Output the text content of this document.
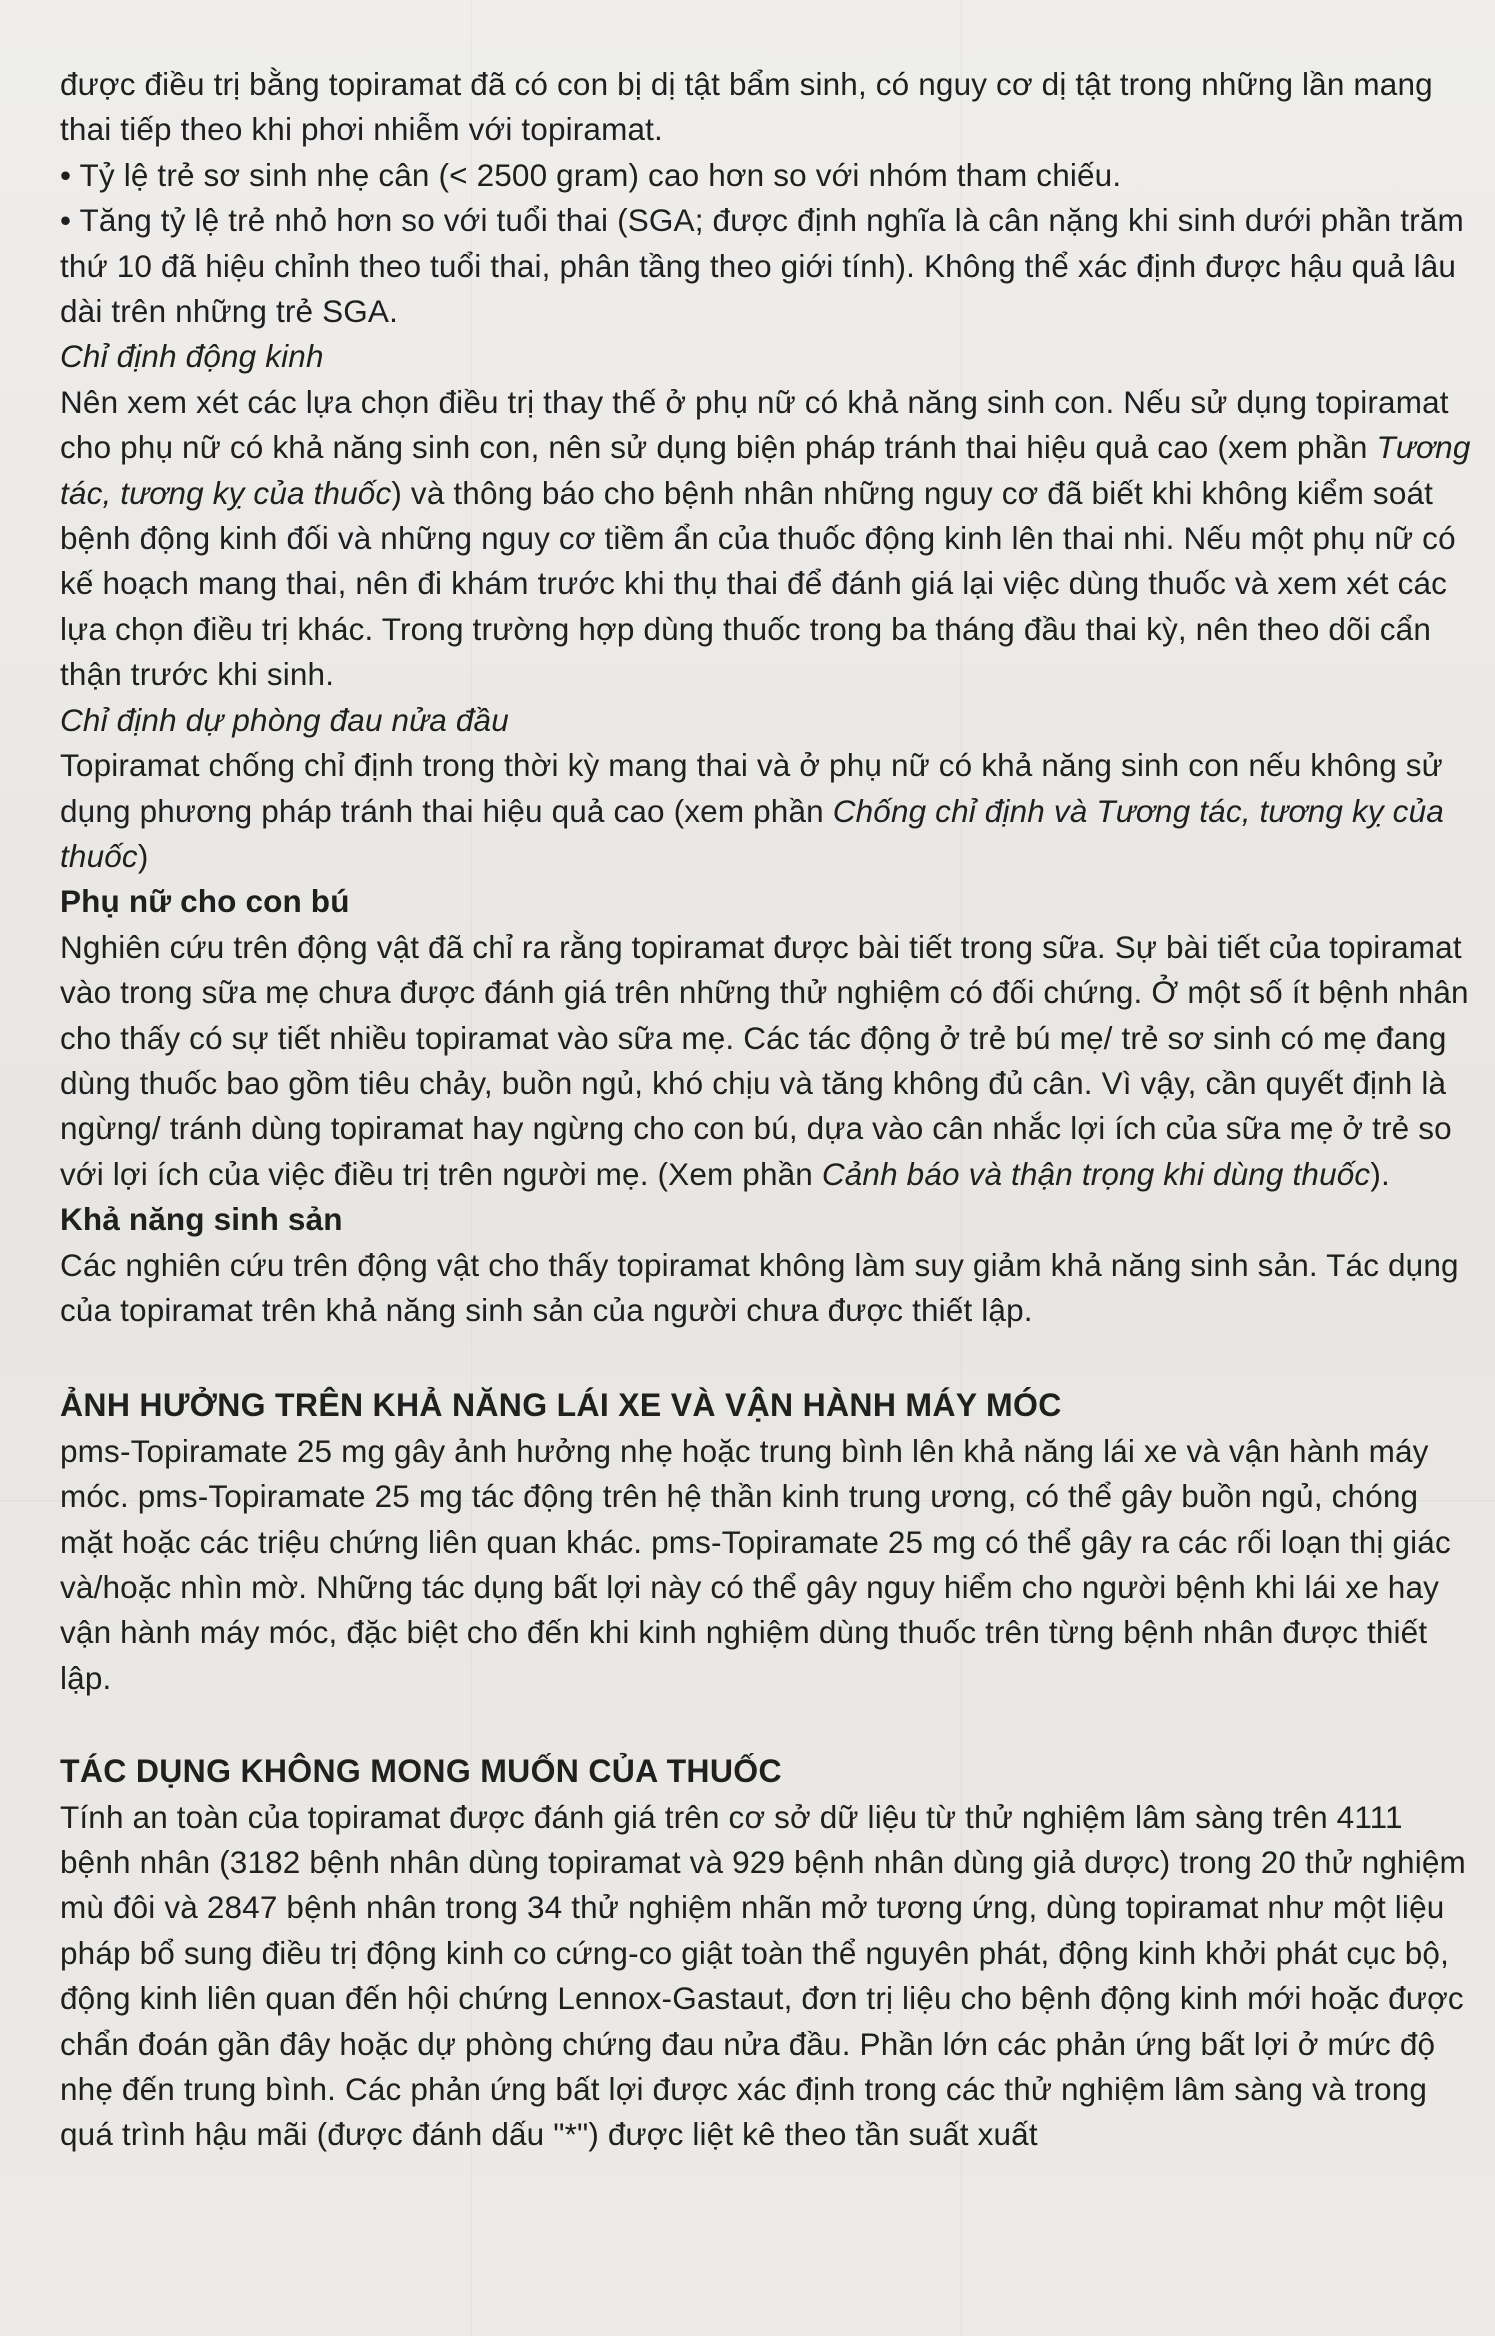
được điều trị bằng topiramat đã có con bị dị tật bẩm sinh, có nguy cơ dị tật trong những lần mang thai tiếp theo khi phơi nhiễm với topiramat.

• Tỷ lệ trẻ sơ sinh nhẹ cân (< 2500 gram) cao hơn so với nhóm tham chiếu.

• Tăng tỷ lệ trẻ nhỏ hơn so với tuổi thai (SGA; được định nghĩa là cân nặng khi sinh dưới phần trăm thứ 10 đã hiệu chỉnh theo tuổi thai, phân tầng theo giới tính). Không thể xác định được hậu quả lâu dài trên những trẻ SGA.

Chỉ định động kinh

Nên xem xét các lựa chọn điều trị thay thế ở phụ nữ có khả năng sinh con. Nếu sử dụng topiramat cho phụ nữ có khả năng sinh con, nên sử dụng biện pháp tránh thai hiệu quả cao (xem phần Tương tác, tương kỵ của thuốc) và thông báo cho bệnh nhân những nguy cơ đã biết khi không kiểm soát bệnh động kinh đối và những nguy cơ tiềm ẩn của thuốc động kinh lên thai nhi. Nếu một phụ nữ có kế hoạch mang thai, nên đi khám trước khi thụ thai để đánh giá lại việc dùng thuốc và xem xét các lựa chọn điều trị khác. Trong trường hợp dùng thuốc trong ba tháng đầu thai kỳ, nên theo dõi cẩn thận trước khi sinh.

Chỉ định dự phòng đau nửa đầu

Topiramat chống chỉ định trong thời kỳ mang thai và ở phụ nữ có khả năng sinh con nếu không sử dụng phương pháp tránh thai hiệu quả cao (xem phần Chống chỉ định và Tương tác, tương kỵ của thuốc)

Phụ nữ cho con bú

Nghiên cứu trên động vật đã chỉ ra rằng topiramat được bài tiết trong sữa. Sự bài tiết của topiramat vào trong sữa mẹ chưa được đánh giá trên những thử nghiệm có đối chứng. Ở một số ít bệnh nhân cho thấy có sự tiết nhiều topiramat vào sữa mẹ. Các tác động ở trẻ bú mẹ/ trẻ sơ sinh có mẹ đang dùng thuốc bao gồm tiêu chảy, buồn ngủ, khó chịu và tăng không đủ cân. Vì vậy, cần quyết định là ngừng/ tránh dùng topiramat hay ngừng cho con bú, dựa vào cân nhắc lợi ích của sữa mẹ ở trẻ so với lợi ích của việc điều trị trên người mẹ. (Xem phần Cảnh báo và thận trọng khi dùng thuốc).

Khả năng sinh sản

Các nghiên cứu trên động vật cho thấy topiramat không làm suy giảm khả năng sinh sản. Tác dụng của topiramat trên khả năng sinh sản của người chưa được thiết lập.

ẢNH HƯỞNG TRÊN KHẢ NĂNG LÁI XE VÀ VẬN HÀNH MÁY MÓC

pms-Topiramate 25 mg gây ảnh hưởng nhẹ hoặc trung bình lên khả năng lái xe và vận hành máy móc. pms-Topiramate 25 mg tác động trên hệ thần kinh trung ương, có thể gây buồn ngủ, chóng mặt hoặc các triệu chứng liên quan khác. pms-Topiramate 25 mg có thể gây ra các rối loạn thị giác và/hoặc nhìn mờ. Những tác dụng bất lợi này có thể gây nguy hiểm cho người bệnh khi lái xe hay vận hành máy móc, đặc biệt cho đến khi kinh nghiệm dùng thuốc trên từng bệnh nhân được thiết lập.

TÁC DỤNG KHÔNG MONG MUỐN CỦA THUỐC

Tính an toàn của topiramat được đánh giá trên cơ sở dữ liệu từ thử nghiệm lâm sàng trên 4111 bệnh nhân (3182 bệnh nhân dùng topiramat và 929 bệnh nhân dùng giả dược) trong 20 thử nghiệm mù đôi và 2847 bệnh nhân trong 34 thử nghiệm nhãn mở tương ứng, dùng topiramat như một liệu pháp bổ sung điều trị động kinh co cứng-co giật toàn thể nguyên phát, động kinh khởi phát cục bộ, động kinh liên quan đến hội chứng Lennox-Gastaut, đơn trị liệu cho bệnh động kinh mới hoặc được chẩn đoán gần đây hoặc dự phòng chứng đau nửa đầu. Phần lớn các phản ứng bất lợi ở mức độ nhẹ đến trung bình. Các phản ứng bất lợi được xác định trong các thử nghiệm lâm sàng và trong quá trình hậu mãi (được đánh dấu "*") được liệt kê theo tần suất xuất
